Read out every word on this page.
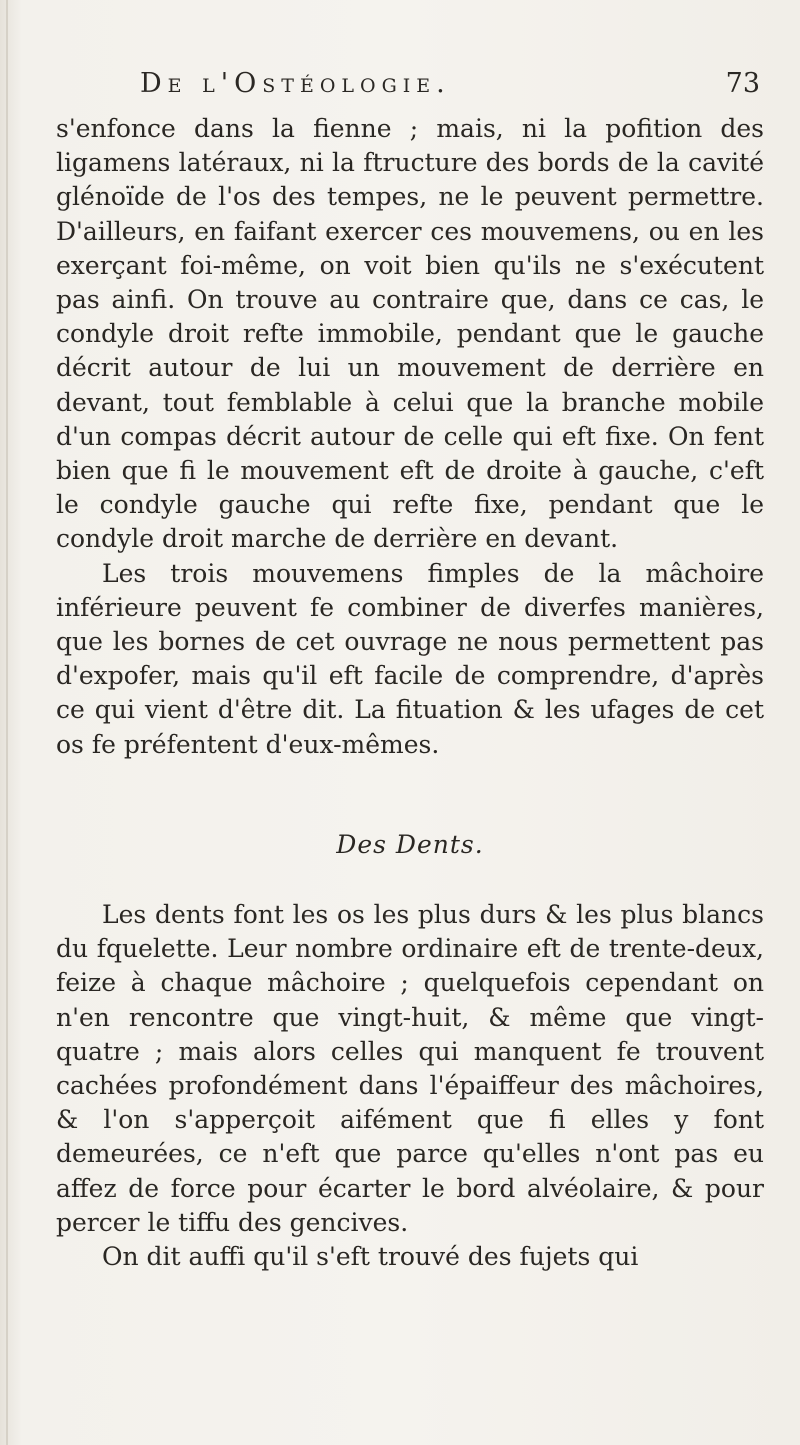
De l'Ostéologie.	73

s'enfonce dans la fienne ; mais, ni la pofition des ligamens latéraux, ni la ftructure des bords de la cavité glénoïde de l'os des tempes, ne le peuvent permettre. D'ailleurs, en faifant exercer ces mouvemens, ou en les exerçant foi-même, on voit bien qu'ils ne s'exécutent pas ainfi. On trouve au contraire que, dans ce cas, le condyle droit refte immobile, pendant que le gauche décrit autour de lui un mouvement de derrière en devant, tout femblable à celui que la branche mobile d'un compas décrit autour de celle qui eft fixe. On fent bien que fi le mouvement eft de droite à gauche, c'eft le condyle gauche qui refte fixe, pendant que le condyle droit marche de derrière en devant.

Les trois mouvemens fimples de la mâchoire inférieure peuvent fe combiner de diverfes manières, que les bornes de cet ouvrage ne nous permettent pas d'expofer, mais qu'il eft facile de comprendre, d'après ce qui vient d'être dit. La fituation & les ufages de cet os fe préfentent d'eux-mêmes.

Des Dents.

Les dents font les os les plus durs & les plus blancs du fquelette. Leur nombre ordinaire eft de trente-deux, feize à chaque mâchoire ; quelquefois cependant on n'en rencontre que vingt-huit, & même que vingt-quatre ; mais alors celles qui manquent fe trouvent cachées profondément dans l'épaiffeur des mâchoires, & l'on s'apperçoit aifément que fi elles y font demeurées, ce n'eft que parce qu'elles n'ont pas eu affez de force pour écarter le bord alvéolaire, & pour percer le tiffu des gencives.

On dit auffi qu'il s'eft trouvé des fujets qui
